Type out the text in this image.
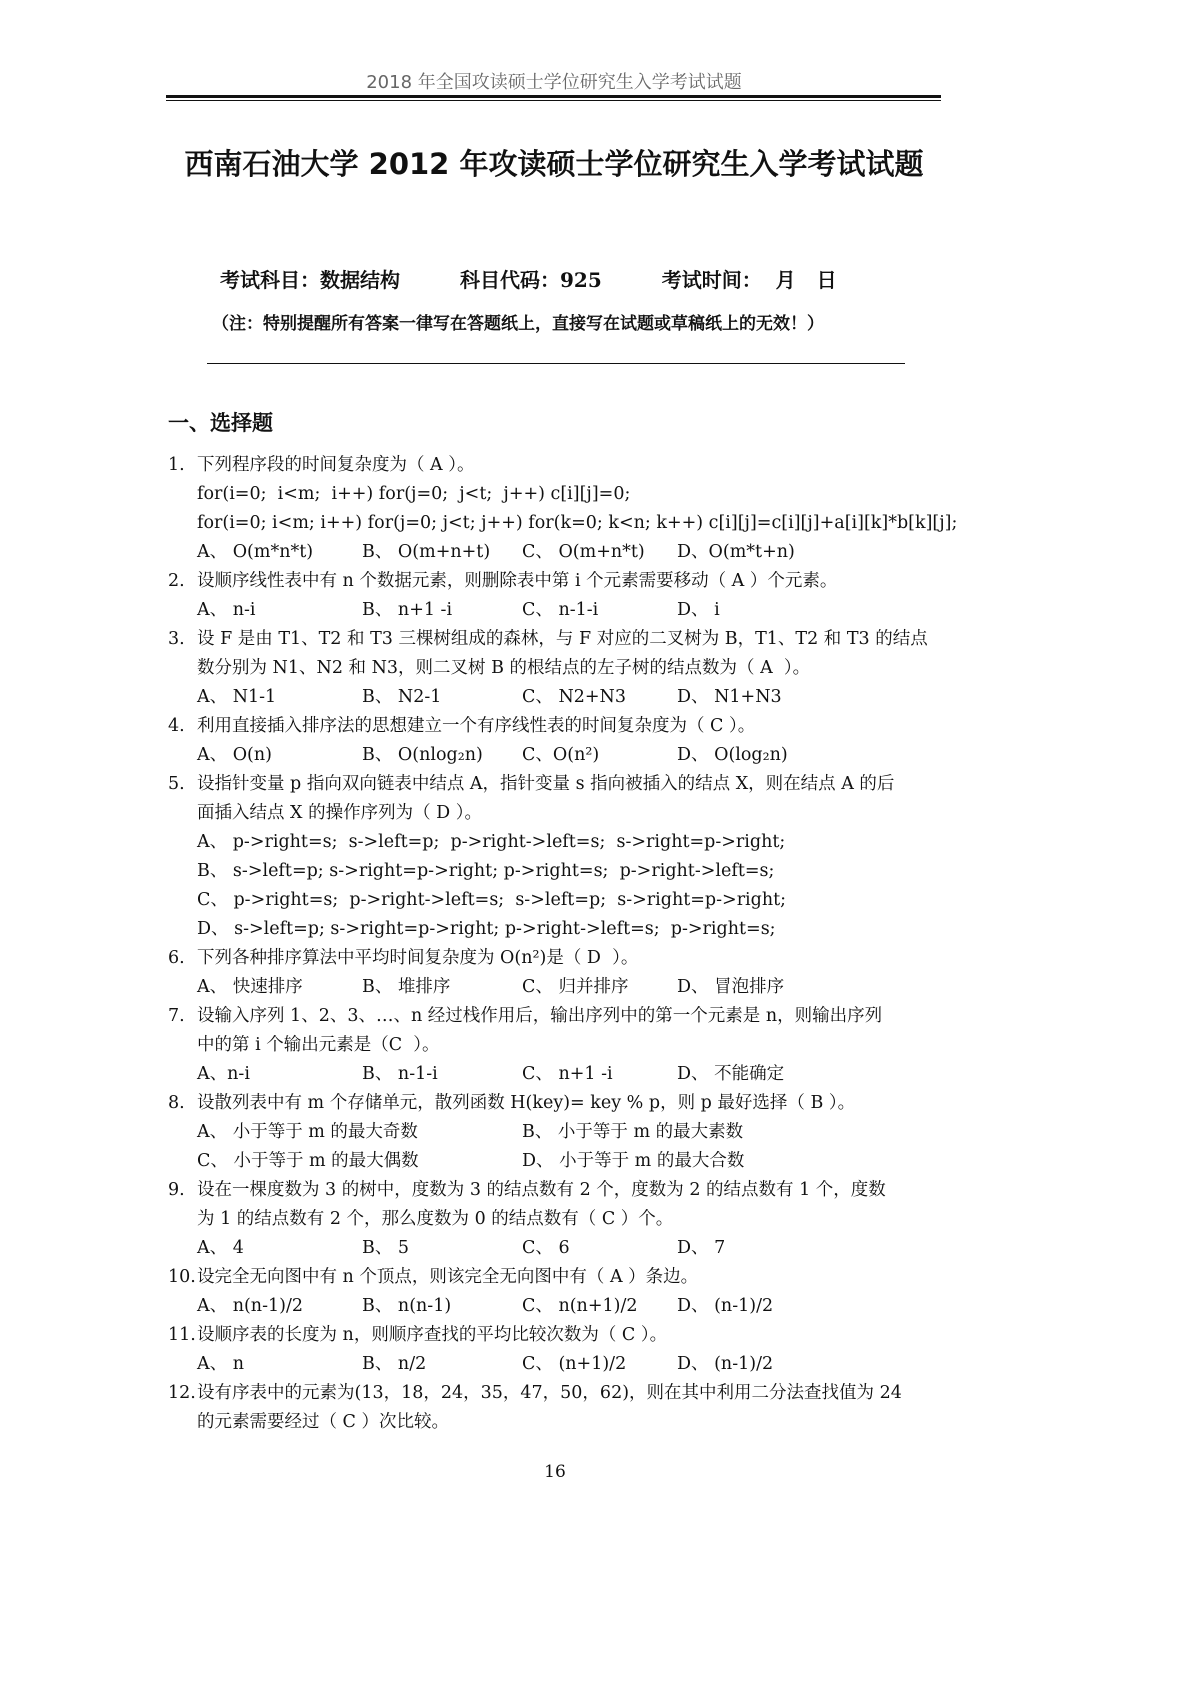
2018 年全国攻读硕士学位研究生入学考试试题
西南石油大学 2012 年攻读硕士学位研究生入学考试试题
考试科目：数据结构	科目代码：925	考试时间：  月   日
（注：特别提醒所有答案一律写在答题纸上，直接写在试题或草稿纸上的无效！）
一、选择题
1. 下列程序段的时间复杂度为（ A ）。
for(i=0;  i<m;  i++) for(j=0;  j<t;  j++) c[i][j]=0;
for(i=0; i<m; i++) for(j=0; j<t; j++) for(k=0; k<n; k++) c[i][j]=c[i][j]+a[i][k]*b[k][j];
A、 O(m*n*t)	B、 O(m+n+t) C、 O(m+n*t) D、O(m*t+n)
2. 设顺序线性表中有 n 个数据元素，则删除表中第 i 个元素需要移动（ A ）个元素。
A、 n-i	B、 n+1 -i	C、 n-1-i	D、 i
3. 设 F 是由 T1、T2 和 T3 三棵树组成的森林，与 F 对应的二叉树为 B，T1、T2 和 T3 的结点
数分别为 N1、N2 和 N3，则二叉树 B 的根结点的左子树的结点数为（ A  ）。
A、 N1-1	B、 N2-1	C、 N2+N3	D、 N1+N3
4. 利用直接插入排序法的思想建立一个有序线性表的时间复杂度为（ C ）。
A、 O(n)	B、 O(nlog₂n) C、O(n²)	D、 O(log₂n)
5. 设指针变量 p 指向双向链表中结点 A，指针变量 s 指向被插入的结点 X，则在结点 A 的后
面插入结点 X 的操作序列为（ D ）。
A、 p->right=s;  s->left=p;  p->right->left=s;  s->right=p->right;
B、 s->left=p; s->right=p->right; p->right=s;  p->right->left=s;
C、 p->right=s;  p->right->left=s;  s->left=p;  s->right=p->right;
D、 s->left=p; s->right=p->right; p->right->left=s;  p->right=s;
6. 下列各种排序算法中平均时间复杂度为 O(n²)是（ D  ）。
A、 快速排序	B、 堆排序	C、 归并排序	D、 冒泡排序
7. 设输入序列 1、2、3、…、n 经过栈作用后，输出序列中的第一个元素是 n，则输出序列
中的第 i 个输出元素是（C  ）。
A、n-i	B、 n-1-i	C、 n+1 -i	D、 不能确定
8. 设散列表中有 m 个存储单元，散列函数 H(key)= key % p，则 p 最好选择（ B ）。
A、 小于等于 m 的最大奇数	B、 小于等于 m 的最大素数
C、 小于等于 m 的最大偶数	D、 小于等于 m 的最大合数
9. 设在一棵度数为 3 的树中，度数为 3 的结点数有 2 个，度数为 2 的结点数有 1 个，度数
为 1 的结点数有 2 个，那么度数为 0 的结点数有（ C ）个。
A、 4	B、 5	C、 6	D、 7
10.设完全无向图中有 n 个顶点，则该完全无向图中有（ A ）条边。
A、 n(n-1)/2	B、 n(n-1)	C、 n(n+1)/2 D、 (n-1)/2
11.设顺序表的长度为 n，则顺序查找的平均比较次数为（ C ）。
A、 n	B、 n/2	C、 (n+1)/2	D、 (n-1)/2
12.设有序表中的元素为(13，18，24，35，47，50，62)，则在其中利用二分法查找值为 24
的元素需要经过（ C ）次比较。
16
